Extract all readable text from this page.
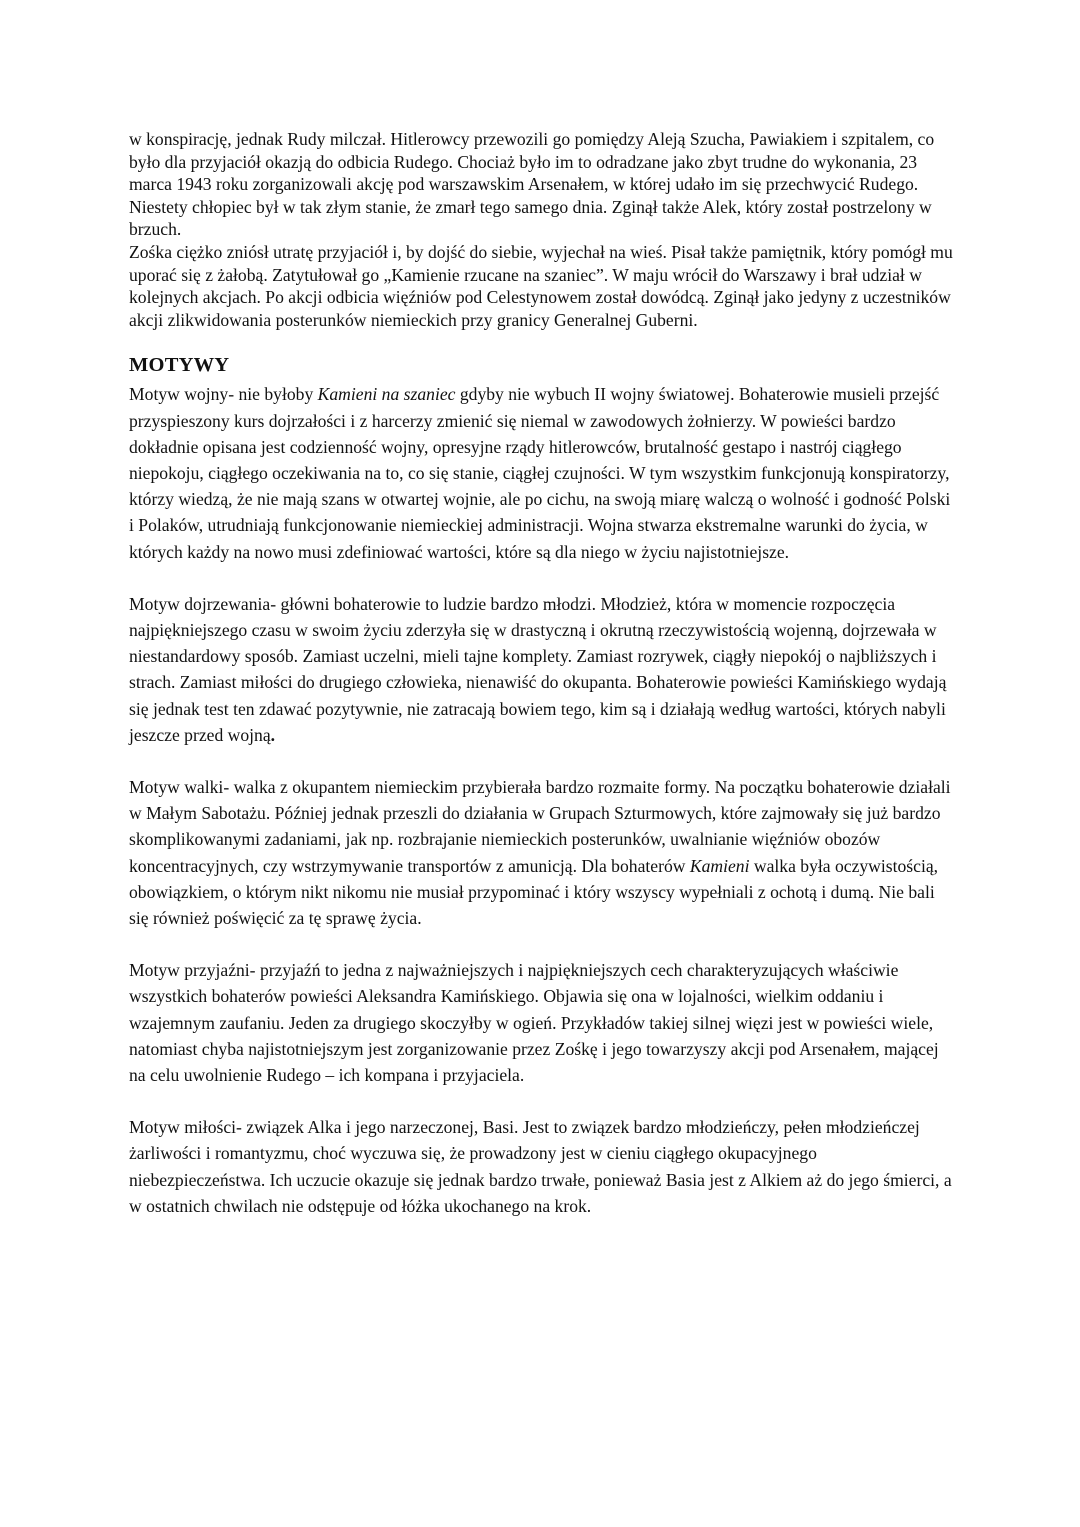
w konspirację, jednak Rudy milczał. Hitlerowcy przewozili go pomiędzy Aleją Szucha, Pawiakiem i szpitalem, co było dla przyjaciół okazją do odbicia Rudego. Chociaż było im to odradzane jako zbyt trudne do wykonania, 23 marca 1943 roku zorganizowali akcję pod warszawskim Arsenałem, w której udało im się przechwycić Rudego. Niestety chłopiec był w tak złym stanie, że zmarł tego samego dnia. Zginął także Alek, który został postrzelony w brzuch.

Zośka ciężko zniósł utratę przyjaciół i, by dojść do siebie, wyjechał na wieś. Pisał także pamiętnik, który pomógł mu uporać się z żałobą. Zatytułował go „Kamienie rzucane na szaniec”. W maju wrócił do Warszawy i brał udział w kolejnych akcjach. Po akcji odbicia więźniów pod Celestynowem został dowódcą. Zginął jako jedyny z uczestników akcji zlikwidowania posterunków niemieckich przy granicy Generalnej Guberni.

MOTYWY

Motyw wojny- nie byłoby Kamieni na szaniec gdyby nie wybuch II wojny światowej. Bohaterowie musieli przejść przyspieszony kurs dojrzałości i z harcerzy zmienić się niemal w zawodowych żołnierzy. W powieści bardzo dokładnie opisana jest codzienność wojny, opresyjne rządy hitlerowców, brutalność gestapo i nastrój ciągłego niepokoju, ciągłego oczekiwania na to, co się stanie, ciągłej czujności. W tym wszystkim funkcjonują konspiratorzy, którzy wiedzą, że nie mają szans w otwartej wojnie, ale po cichu, na swoją miarę walczą o wolność i godność Polski i Polaków, utrudniają funkcjonowanie niemieckiej administracji. Wojna stwarza ekstremalne warunki do życia, w których każdy na nowo musi zdefiniować wartości, które są dla niego w życiu najistotniejsze.

Motyw dojrzewania- główni bohaterowie to ludzie bardzo młodzi. Młodzież, która w momencie rozpoczęcia najpiękniejszego czasu w swoim życiu zderzyła się w drastyczną i okrutną rzeczywistością wojenną, dojrzewała w niestandardowy sposób. Zamiast uczelni, mieli tajne komplety. Zamiast rozrywek, ciągły niepokój o najbliższych i strach. Zamiast miłości do drugiego człowieka, nienawiść do okupanta. Bohaterowie powieści Kamińskiego wydają się jednak test ten zdawać pozytywnie, nie zatracają bowiem tego, kim są i działają według wartości, których nabyli jeszcze przed wojną.

Motyw walki- walka z okupantem niemieckim przybierała bardzo rozmaite formy. Na początku bohaterowie działali w Małym Sabotażu. Później jednak przeszli do działania w Grupach Szturmowych, które zajmowały się już bardzo skomplikowanymi zadaniami, jak np. rozbrajanie niemieckich posterunków, uwalnianie więźniów obozów koncentracyjnych, czy wstrzymywanie transportów z amunicją. Dla bohaterów Kamieni walka była oczywistością, obowiązkiem, o którym nikt nikomu nie musiał przypominać i który wszyscy wypełniali z ochotą i dumą. Nie bali się również poświęcić za tę sprawę życia.

Motyw przyjaźni- przyjaźń to jedna z najważniejszych i najpiękniejszych cech charakteryzujących właściwie wszystkich bohaterów powieści Aleksandra Kamińskiego. Objawia się ona w lojalności, wielkim oddaniu i wzajemnym zaufaniu. Jeden za drugiego skoczyłby w ogień. Przykładów takiej silnej więzi jest w powieści wiele, natomiast chyba najistotniejszym jest zorganizowanie przez Zośkę i jego towarzyszy akcji pod Arsenałem, mającej na celu uwolnienie Rudego – ich kompana i przyjaciela.

Motyw miłości- związek Alka i jego narzeczonej, Basi. Jest to związek bardzo młodzieńczy, pełen młodzieńczej żarliwości i romantyzmu, choć wyczuwa się, że prowadzony jest w cieniu ciągłego okupacyjnego niebezpieczeństwa. Ich uczucie okazuje się jednak bardzo trwałe, ponieważ Basia jest z Alkiem aż do jego śmierci, a w ostatnich chwilach nie odstępuje od łóżka ukochanego na krok.
